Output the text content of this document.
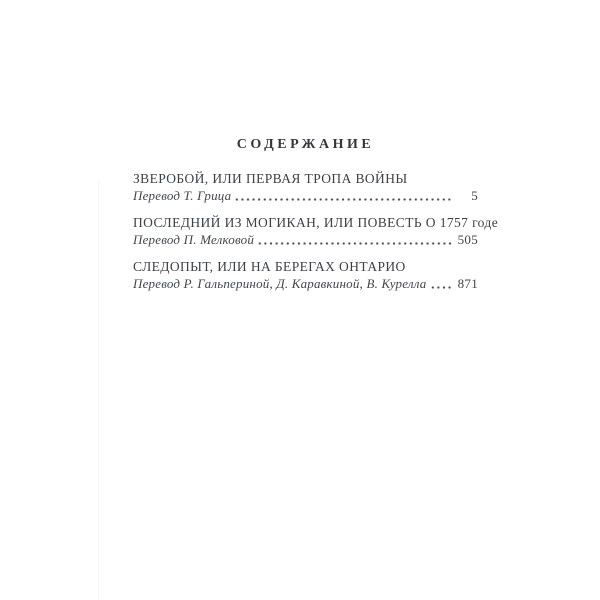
СОДЕРЖАНИЕ
ЗВЕРОБОЙ, ИЛИ ПЕРВАЯ ТРОПА ВОЙНЫ
Перевод Т. Грица	5
ПОСЛЕДНИЙ ИЗ МОГИКАН, ИЛИ ПОВЕСТЬ О 1757 годе
Перевод П. Мелковой	505
СЛЕДОПЫТ, ИЛИ НА БЕРЕГАХ ОНТАРИО
Перевод Р. Гальпериной, Д. Каравкиной, В. Курелла 871
